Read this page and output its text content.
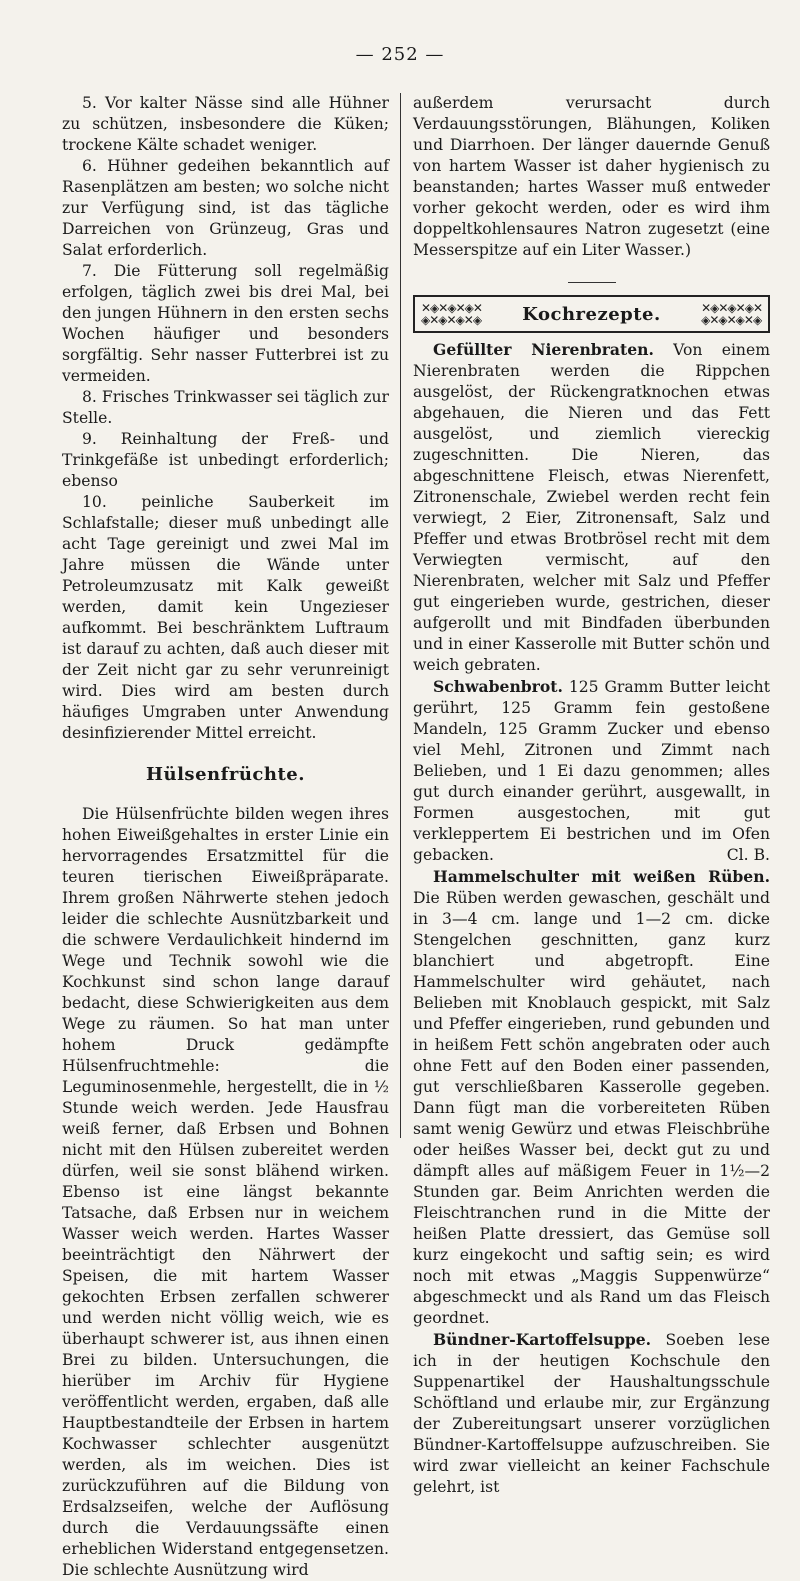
— 252 —

5. Vor kalter Nässe sind alle Hühner zu schützen, insbesondere die Küken; trockene Kälte schadet weniger.

6. Hühner gedeihen bekanntlich auf Rasenplätzen am besten; wo solche nicht zur Verfügung sind, ist das tägliche Darreichen von Grünzeug, Gras und Salat erforderlich.

7. Die Fütterung soll regelmäßig erfolgen, täglich zwei bis drei Mal, bei den jungen Hühnern in den ersten sechs Wochen häufiger und besonders sorgfältig. Sehr nasser Futterbrei ist zu vermeiden.

8. Frisches Trinkwasser sei täglich zur Stelle.

9. Reinhaltung der Freß- und Trinkgefäße ist unbedingt erforderlich; ebenso

10. peinliche Sauberkeit im Schlafstalle; dieser muß unbedingt alle acht Tage gereinigt und zwei Mal im Jahre müssen die Wände unter Petroleumzusatz mit Kalk geweißt werden, damit kein Ungezieser aufkommt. Bei beschränktem Luftraum ist darauf zu achten, daß auch dieser mit der Zeit nicht gar zu sehr verunreinigt wird. Dies wird am besten durch häufiges Umgraben unter Anwendung desinfizierender Mittel erreicht.

Hülsenfrüchte.

Die Hülsenfrüchte bilden wegen ihres hohen Eiweißgehaltes in erster Linie ein hervorragendes Ersatzmittel für die teuren tierischen Eiweißpräparate. Ihrem großen Nährwerte stehen jedoch leider die schlechte Ausnützbarkeit und die schwere Verdaulichkeit hindernd im Wege und Technik sowohl wie die Kochkunst sind schon lange darauf bedacht, diese Schwierigkeiten aus dem Wege zu räumen. So hat man unter hohem Druck gedämpfte Hülsenfruchtmehle: die Leguminosenmehle, hergestellt, die in ½ Stunde weich werden. Jede Hausfrau weiß ferner, daß Erbsen und Bohnen nicht mit den Hülsen zubereitet werden dürfen, weil sie sonst blähend wirken. Ebenso ist eine längst bekannte Tatsache, daß Erbsen nur in weichem Wasser weich werden. Hartes Wasser beeinträchtigt den Nährwert der Speisen, die mit hartem Wasser gekochten Erbsen zerfallen schwerer und werden nicht völlig weich, wie es überhaupt schwerer ist, aus ihnen einen Brei zu bilden. Untersuchungen, die hierüber im Archiv für Hygiene veröffentlicht werden, ergaben, daß alle Hauptbestandteile der Erbsen in hartem Kochwasser schlechter ausgenützt werden, als im weichen. Dies ist zurückzuführen auf die Bildung von Erdsalzseifen, welche der Auflösung durch die Verdauungssäfte einen erheblichen Widerstand entgegensetzen. Die schlechte Ausnützung wird

außerdem verursacht durch Verdauungsstörungen, Blähungen, Koliken und Diarrhoen. Der länger dauernde Genuß von hartem Wasser ist daher hygienisch zu beanstanden; hartes Wasser muß entweder vorher gekocht werden, oder es wird ihm doppeltkohlensaures Natron zugesetzt (eine Messerspitze auf ein Liter Wasser.)

✕◈✕◈✕◈✕
◈✕◈✕◈✕◈ Kochrezepte.	✕◈✕◈✕◈✕
◈✕◈✕◈✕◈

Gefüllter Nierenbraten. Von einem Nierenbraten werden die Rippchen ausgelöst, der Rückengratknochen etwas abgehauen, die Nieren und das Fett ausgelöst, und ziemlich viereckig zugeschnitten. Die Nieren, das abgeschnittene Fleisch, etwas Nierenfett, Zitronenschale, Zwiebel werden recht fein verwiegt, 2 Eier, Zitronensaft, Salz und Pfeffer und etwas Brotbrösel recht mit dem Verwiegten vermischt, auf den Nierenbraten, welcher mit Salz und Pfeffer gut eingerieben wurde, gestrichen, dieser aufgerollt und mit Bindfaden überbunden und in einer Kasserolle mit Butter schön und weich gebraten.

Schwabenbrot. 125 Gramm Butter leicht gerührt, 125 Gramm fein gestoßene Mandeln, 125 Gramm Zucker und ebenso viel Mehl, Zitronen und Zimmt nach Belieben, und 1 Ei dazu genommen; alles gut durch einander gerührt, ausgewallt, in Formen ausgestochen, mit gut verkleppertem Ei bestrichen und im Ofen gebacken.	Cl. B.

Hammelschulter mit weißen Rüben. Die Rüben werden gewaschen, geschält und in 3—4 cm. lange und 1—2 cm. dicke Stengelchen geschnitten, ganz kurz blanchiert und abgetropft. Eine Hammelschulter wird gehäutet, nach Belieben mit Knoblauch gespickt, mit Salz und Pfeffer eingerieben, rund gebunden und in heißem Fett schön angebraten oder auch ohne Fett auf den Boden einer passenden, gut verschließbaren Kasserolle gegeben. Dann fügt man die vorbereiteten Rüben samt wenig Gewürz und etwas Fleischbrühe oder heißes Wasser bei, deckt gut zu und dämpft alles auf mäßigem Feuer in 1½—2 Stunden gar. Beim Anrichten werden die Fleischtranchen rund in die Mitte der heißen Platte dressiert, das Gemüse soll kurz eingekocht und saftig sein; es wird noch mit etwas „Maggis Suppenwürze“ abgeschmeckt und als Rand um das Fleisch geordnet.

Bündner-Kartoffelsuppe. Soeben lese ich in der heutigen Kochschule den Suppenartikel der Haushaltungsschule Schöftland und erlaube mir, zur Ergänzung der Zubereitungsart unserer vorzüglichen Bündner-Kartoffelsuppe aufzuschreiben. Sie wird zwar vielleicht an keiner Fachschule gelehrt, ist
